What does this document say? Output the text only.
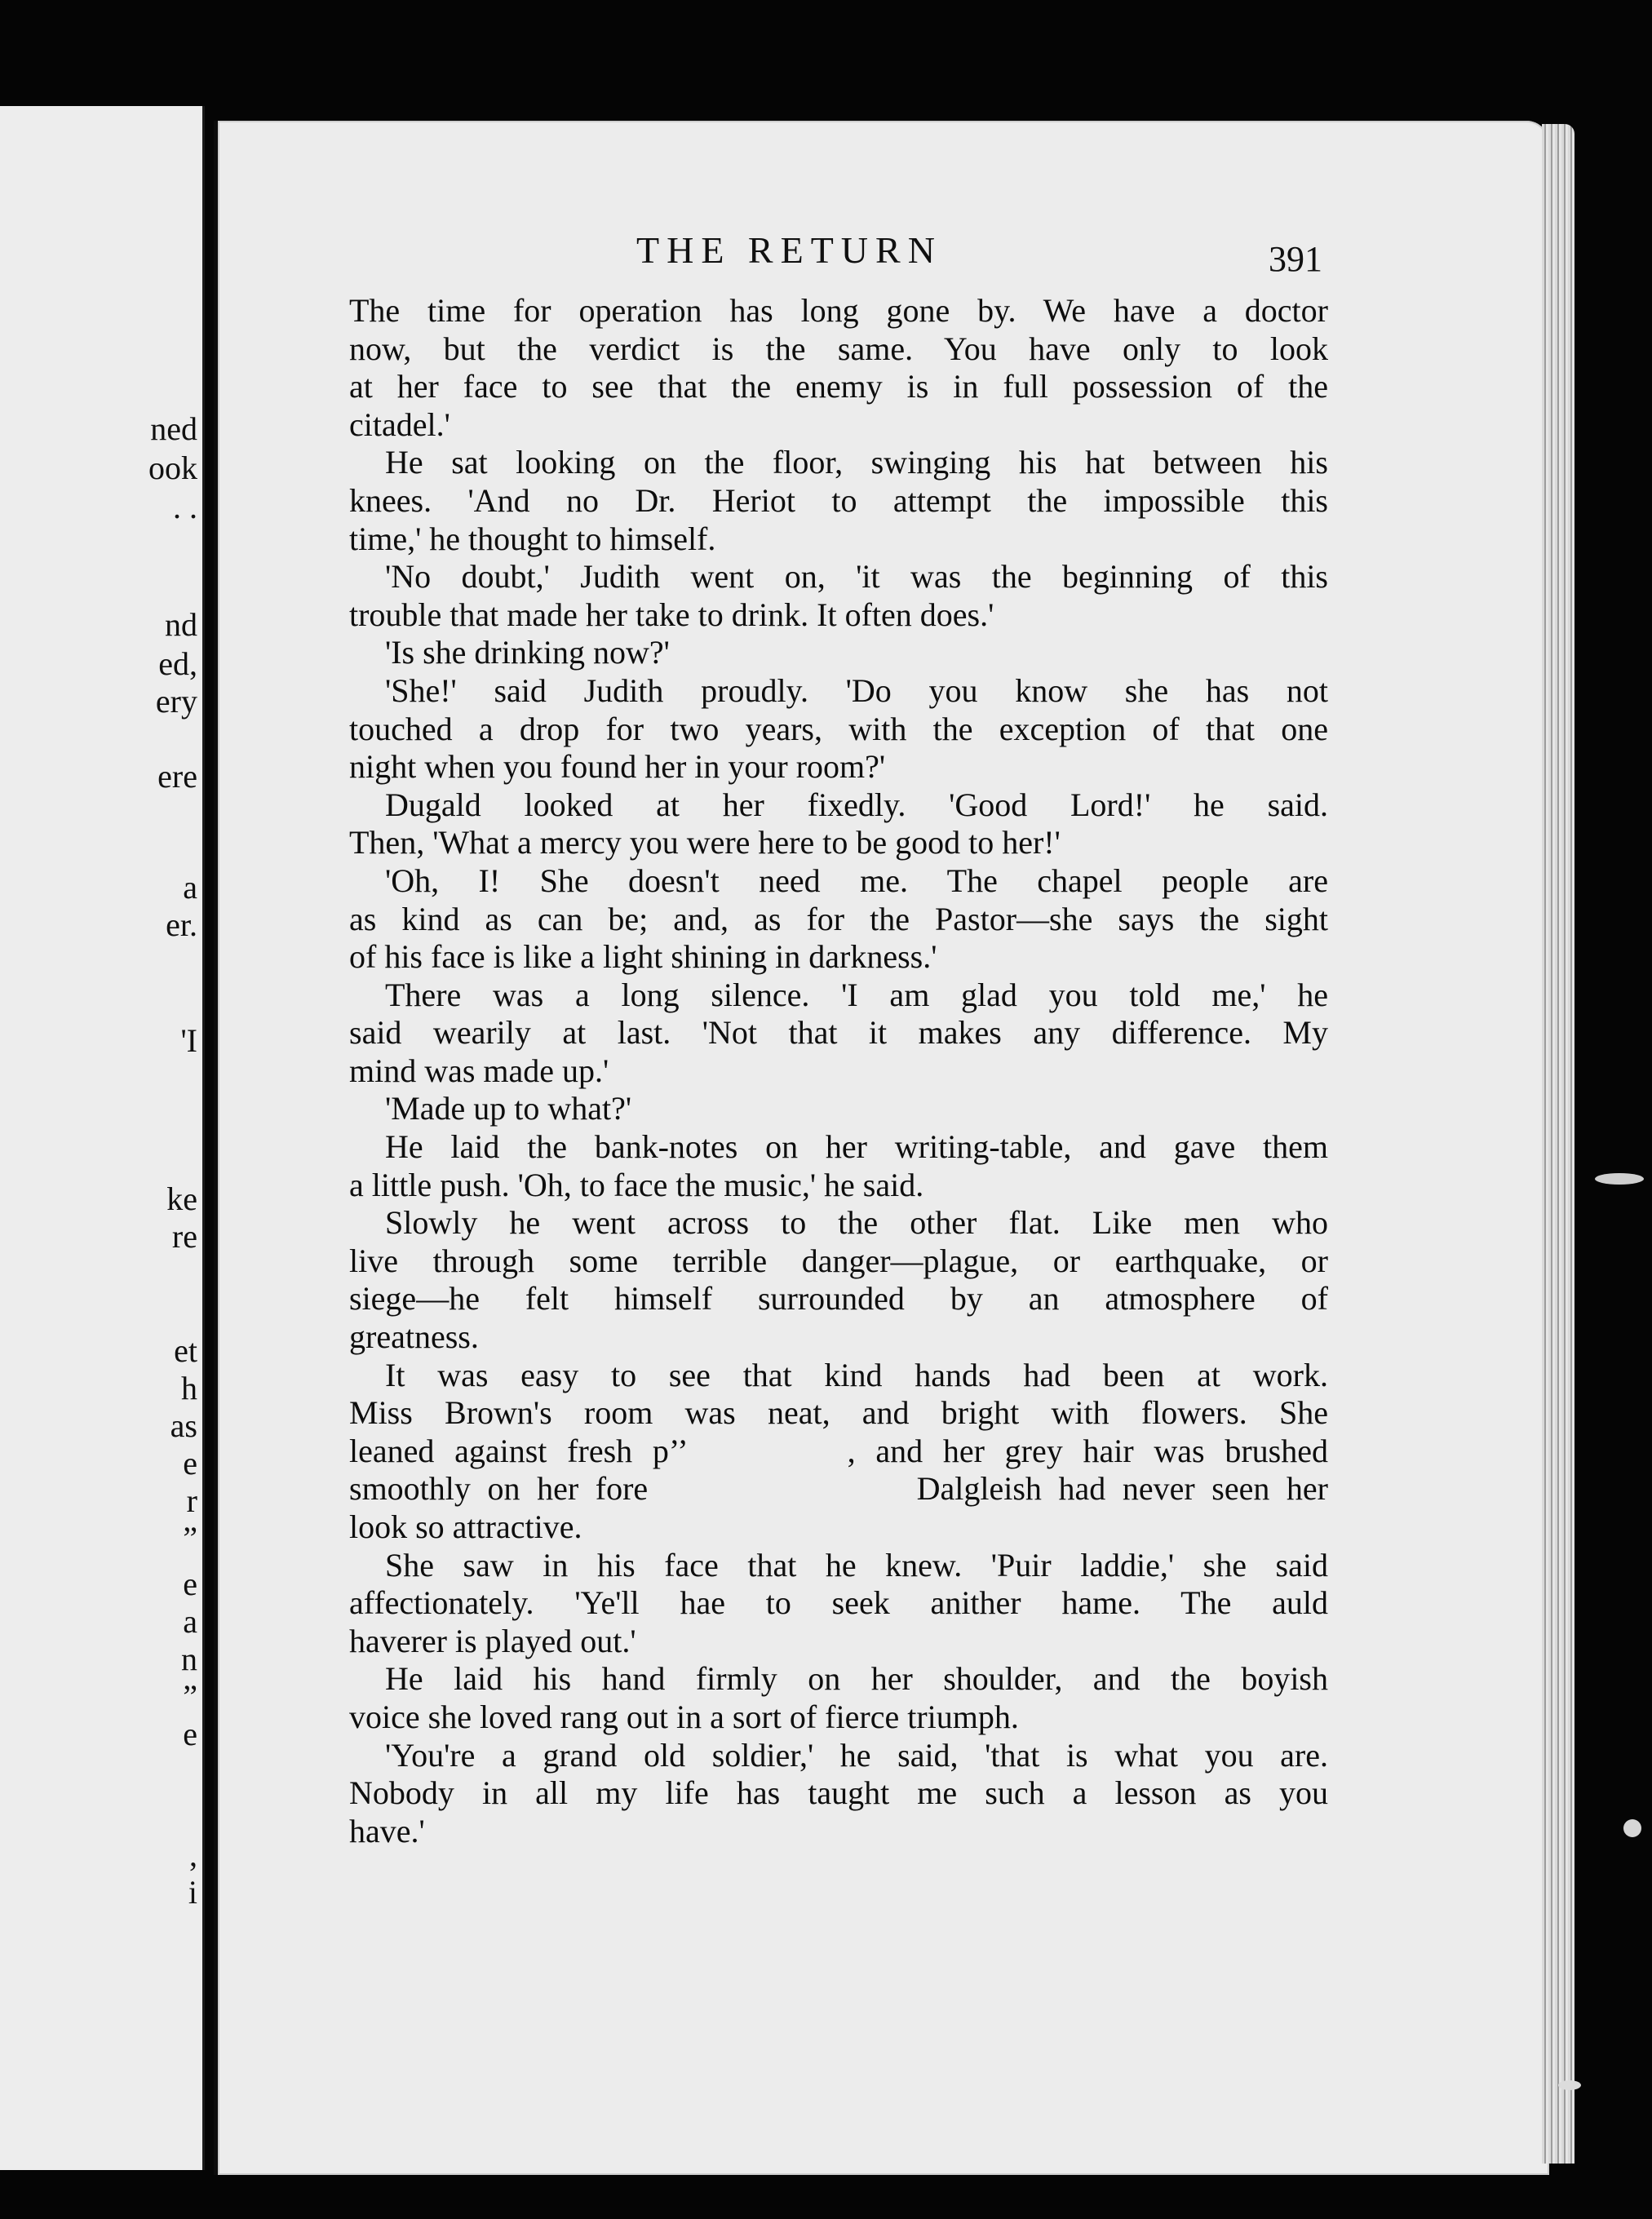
ned
ook
. .
nd
ed,
ery
ere
a
er.
'I
ke
re
et
h
as
e
r
”
e
a
n
”
e
,
i
THE RETURN	391
The time for operation has long gone by. We have a doctor
now, but the verdict is the same. You have only to look
at her face to see that the enemy is in full possession of the
citadel.'
He sat looking on the floor, swinging his hat between his
knees. 'And no Dr. Heriot to attempt the impossible this
time,' he thought to himself.
'No doubt,' Judith went on, 'it was the beginning of this
trouble that made her take to drink. It often does.'
'Is she drinking now?'
'She!' said Judith proudly. 'Do you know she has not
touched a drop for two years, with the exception of that one
night when you found her in your room?'
Dugald looked at her fixedly. 'Good Lord!' he said.
Then, 'What a mercy you were here to be good to her!'
'Oh, I! She doesn't need me. The chapel people are
as kind as can be; and, as for the Pastor—she says the sight
of his face is like a light shining in darkness.'
There was a long silence. 'I am glad you told me,' he
said wearily at last. 'Not that it makes any difference. My
mind was made up.'
'Made up to what?'
He laid the bank-notes on her writing-table, and gave them
a little push. 'Oh, to face the music,' he said.
Slowly he went across to the other flat. Like men who
live through some terrible danger—plague, or earthquake, or
siege—he felt himself surrounded by an atmosphere of
greatness.
It was easy to see that kind hands had been at work.
Miss Brown's room was neat, and bright with flowers. She
leaned against fresh p’’        , and her grey hair was brushed
smoothly on her fore                Dalgleish had never seen her
look so attractive.
She saw in his face that he knew. 'Puir laddie,' she said
affectionately. 'Ye'll hae to seek anither hame. The auld
haverer is played out.'
He laid his hand firmly on her shoulder, and the boyish
voice she loved rang out in a sort of fierce triumph.
'You're a grand old soldier,' he said, 'that is what you are.
Nobody in all my life has taught me such a lesson as you
have.'
